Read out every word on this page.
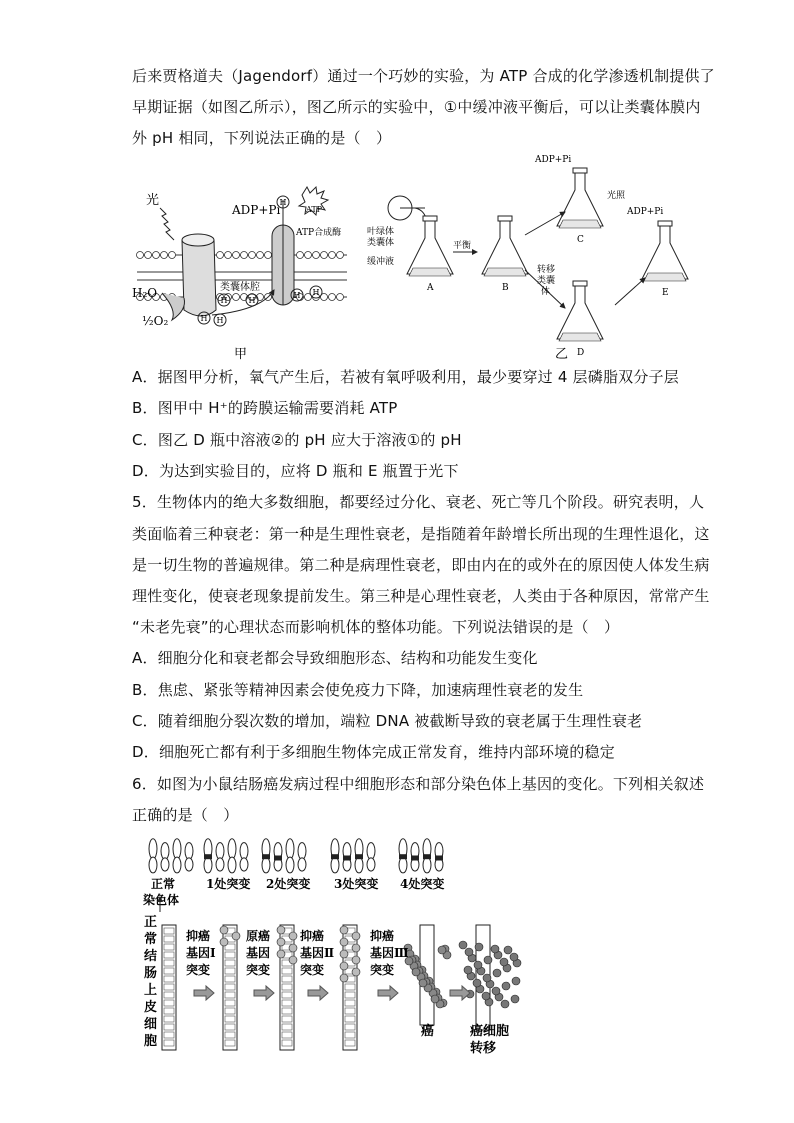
后来贾格道夫（Jagendorf）通过一个巧妙的实验，为 ATP 合成的化学渗透机制提供了
早期证据（如图乙所示），图乙所示的实验中，①中缓冲液平衡后，可以让类囊体膜内
外 pH 相同，下列说法正确的是（　）
光
H₂O
½O₂
ADP+Pi
ATP合成酶
ATP
类囊体腔
H
H	H
H
H H
H
甲
叶绿体类囊体
缓冲液
A	B
C
D
E
平衡
转移类囊体
光照
ADP+Pi
ADP+Pi
乙
A．据图甲分析，氧气产生后，若被有氧呼吸利用，最少要穿过 4 层磷脂双分子层
B．图甲中 H⁺的跨膜运输需要消耗 ATP
C．图乙 D 瓶中溶液②的 pH 应大于溶液①的 pH
D．为达到实验目的，应将 D 瓶和 E 瓶置于光下
5．生物体内的绝大多数细胞，都要经过分化、衰老、死亡等几个阶段。研究表明，人
类面临着三种衰老：第一种是生理性衰老，是指随着年龄增长所出现的生理性退化，这
是一切生物的普遍规律。第二种是病理性衰老，即由内在的或外在的原因使人体发生病
理性变化，使衰老现象提前发生。第三种是心理性衰老，人类由于各种原因，常常产生
“未老先衰”的心理状态而影响机体的整体功能。下列说法错误的是（　）
A．细胞分化和衰老都会导致细胞形态、结构和功能发生变化
B．焦虑、紧张等精神因素会使免疫力下降，加速病理性衰老的发生
C．随着细胞分裂次数的增加，端粒 DNA 被截断导致的衰老属于生理性衰老
D．细胞死亡都有利于多细胞生物体完成正常发育，维持内部环境的稳定
6．如图为小鼠结肠癌发病过程中细胞形态和部分染色体上基因的变化。下列相关叙述
正确的是（　）
正常
染色体
1处突变 2处突变 3处突变 4处突变
正
常
结
肠
上
皮
细
胞
抑癌
基因Ⅰ
突变
原癌
基因
突变
抑癌
基因Ⅱ
突变
抑癌
基因Ⅲ
突变
癌	癌细胞
转移
